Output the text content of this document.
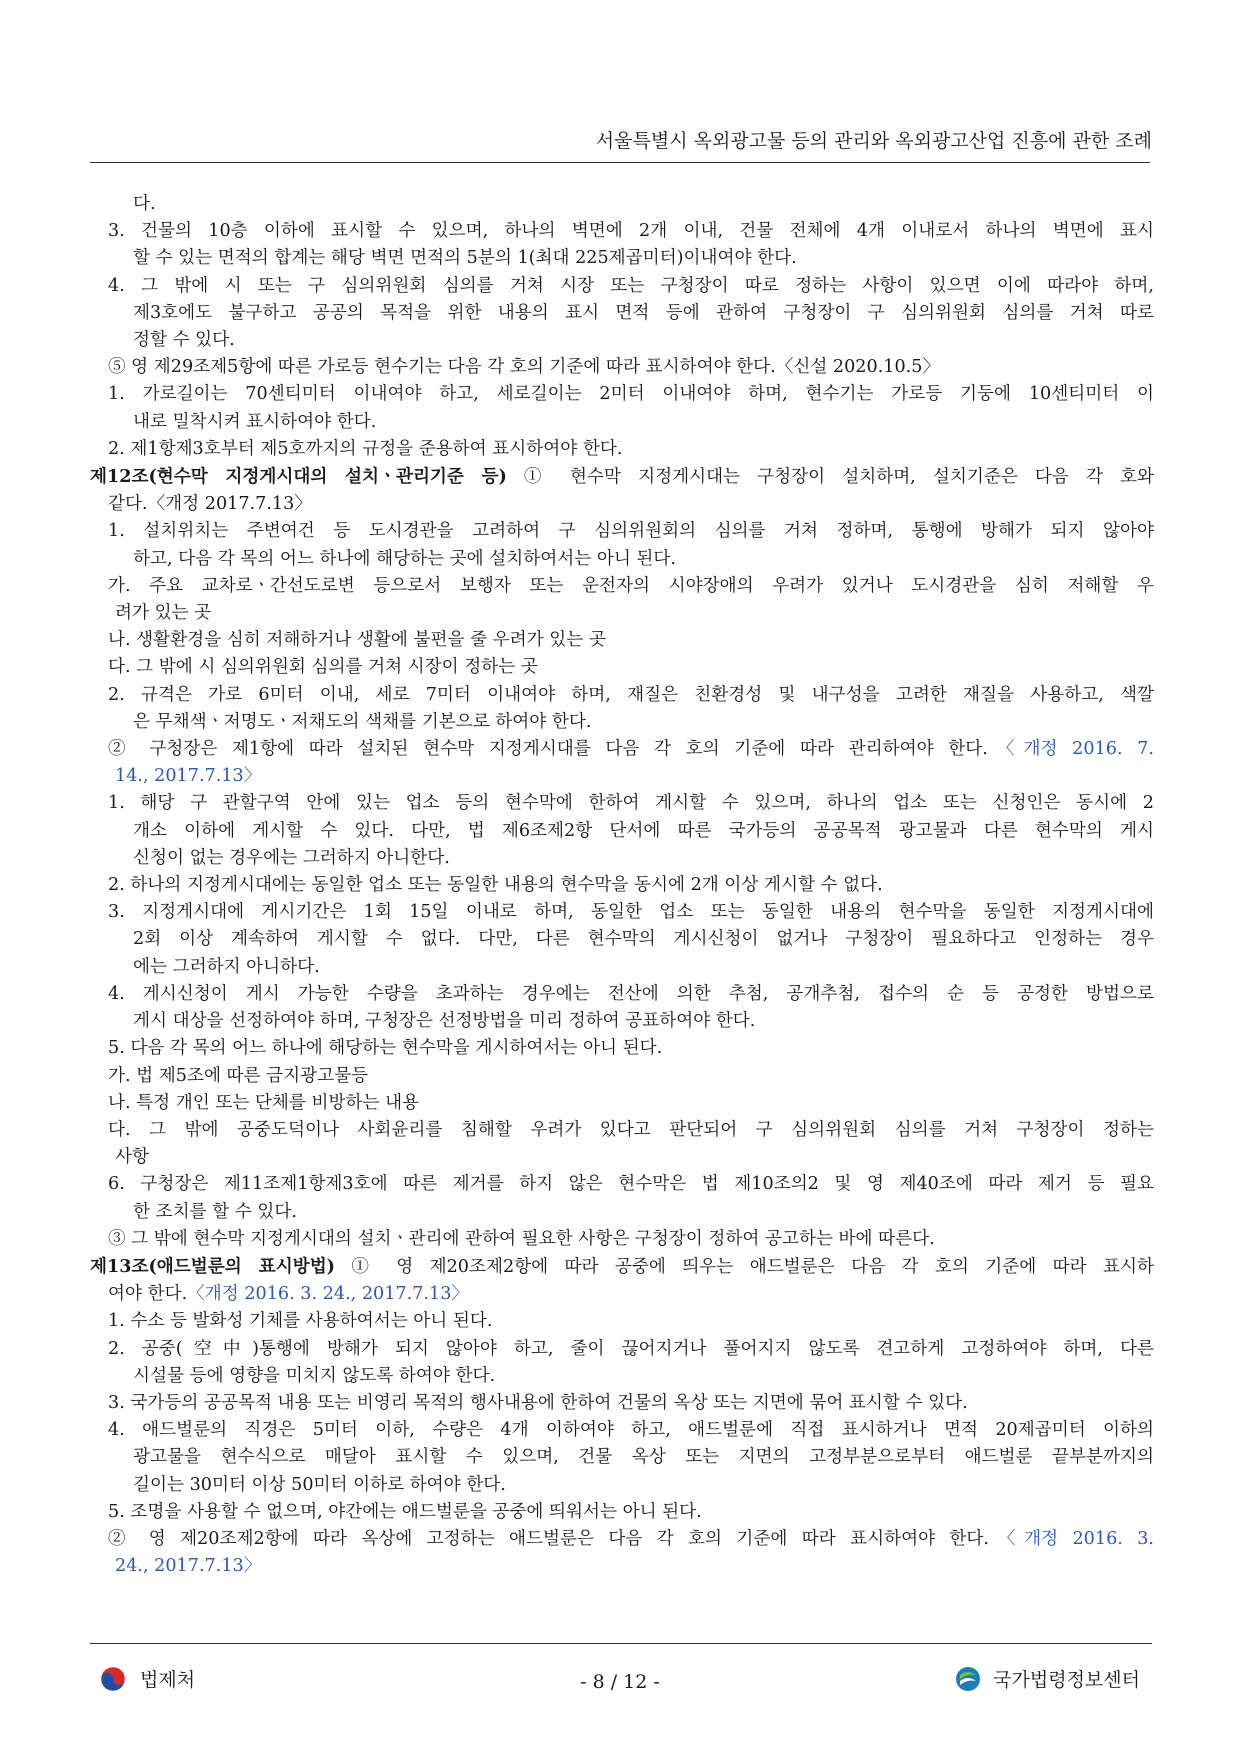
서울특별시 옥외광고물 등의 관리와 옥외광고산업 진흥에 관한 조례
다.
3. 건물의 10층 이하에 표시할 수 있으며, 하나의 벽면에 2개 이내, 건물 전체에 4개 이내로서 하나의 벽면에 표시
할 수 있는 면적의 합계는 해당 벽면 면적의 5분의 1(최대 225제곱미터)이내여야 한다.
4. 그 밖에 시 또는 구 심의위원회 심의를 거쳐 시장 또는 구청장이 따로 정하는 사항이 있으면 이에 따라야 하며,
제3호에도 불구하고 공공의 목적을 위한 내용의 표시 면적 등에 관하여 구청장이 구 심의위원회 심의를 거쳐 따로
정할 수 있다.
⑤ 영 제29조제5항에 따른 가로등 현수기는 다음 각 호의 기준에 따라 표시하여야 한다.〈신설 2020.10.5〉
1. 가로길이는 70센티미터 이내여야 하고, 세로길이는 2미터 이내여야 하며, 현수기는 가로등 기둥에 10센티미터 이
내로 밀착시켜 표시하여야 한다.
2. 제1항제3호부터 제5호까지의 규정을 준용하여 표시하여야 한다.
제12조(현수막 지정게시대의 설치ㆍ관리기준 등) ① 현수막 지정게시대는 구청장이 설치하며, 설치기준은 다음 각 호와
같다.〈개정 2017.7.13〉
1. 설치위치는 주변여건 등 도시경관을 고려하여 구 심의위원회의 심의를 거쳐 정하며, 통행에 방해가 되지 않아야
하고, 다음 각 목의 어느 하나에 해당하는 곳에 설치하여서는 아니 된다.
가. 주요 교차로ㆍ간선도로변 등으로서 보행자 또는 운전자의 시야장애의 우려가 있거나 도시경관을 심히 저해할 우
려가 있는 곳
나. 생활환경을 심히 저해하거나 생활에 불편을 줄 우려가 있는 곳
다. 그 밖에 시 심의위원회 심의를 거쳐 시장이 정하는 곳
2. 규격은 가로 6미터 이내, 세로 7미터 이내여야 하며, 재질은 친환경성 및 내구성을 고려한 재질을 사용하고, 색깔
은 무채색ㆍ저명도ㆍ저채도의 색채를 기본으로 하여야 한다.
② 구청장은 제1항에 따라 설치된 현수막 지정게시대를 다음 각 호의 기준에 따라 관리하여야 한다.〈개정 2016. 7.
14., 2017.7.13〉
1. 해당 구 관할구역 안에 있는 업소 등의 현수막에 한하여 게시할 수 있으며, 하나의 업소 또는 신청인은 동시에 2
개소 이하에 게시할 수 있다. 다만, 법 제6조제2항 단서에 따른 국가등의 공공목적 광고물과 다른 현수막의 게시
신청이 없는 경우에는 그러하지 아니한다.
2. 하나의 지정게시대에는 동일한 업소 또는 동일한 내용의 현수막을 동시에 2개 이상 게시할 수 없다.
3. 지정게시대에 게시기간은 1회 15일 이내로 하며, 동일한 업소 또는 동일한 내용의 현수막을 동일한 지정게시대에
2회 이상 계속하여 게시할 수 없다. 다만, 다른 현수막의 게시신청이 없거나 구청장이 필요하다고 인정하는 경우
에는 그러하지 아니하다.
4. 게시신청이 게시 가능한 수량을 초과하는 경우에는 전산에 의한 추첨, 공개추첨, 접수의 순 등 공정한 방법으로
게시 대상을 선정하여야 하며, 구청장은 선정방법을 미리 정하여 공표하여야 한다.
5. 다음 각 목의 어느 하나에 해당하는 현수막을 게시하여서는 아니 된다.
가. 법 제5조에 따른 금지광고물등
나. 특정 개인 또는 단체를 비방하는 내용
다. 그 밖에 공중도덕이나 사회윤리를 침해할 우려가 있다고 판단되어 구 심의위원회 심의를 거쳐 구청장이 정하는
사항
6. 구청장은 제11조제1항제3호에 따른 제거를 하지 않은 현수막은 법 제10조의2 및 영 제40조에 따라 제거 등 필요
한 조치를 할 수 있다.
③ 그 밖에 현수막 지정게시대의 설치ㆍ관리에 관하여 필요한 사항은 구청장이 정하여 공고하는 바에 따른다.
제13조(애드벌룬의 표시방법) ① 영 제20조제2항에 따라 공중에 띄우는 애드벌룬은 다음 각 호의 기준에 따라 표시하
여야 한다.〈개정 2016. 3. 24., 2017.7.13〉
1. 수소 등 발화성 기체를 사용하여서는 아니 된다.
2. 공중(空中)통행에 방해가 되지 않아야 하고, 줄이 끊어지거나 풀어지지 않도록 견고하게 고정하여야 하며, 다른
시설물 등에 영향을 미치지 않도록 하여야 한다.
3. 국가등의 공공목적 내용 또는 비영리 목적의 행사내용에 한하여 건물의 옥상 또는 지면에 묶어 표시할 수 있다.
4. 애드벌룬의 직경은 5미터 이하, 수량은 4개 이하여야 하고, 애드벌룬에 직접 표시하거나 면적 20제곱미터 이하의
광고물을 현수식으로 매달아 표시할 수 있으며, 건물 옥상 또는 지면의 고정부분으로부터 애드벌룬 끝부분까지의
길이는 30미터 이상 50미터 이하로 하여야 한다.
5. 조명을 사용할 수 없으며, 야간에는 애드벌룬을 공중에 띄워서는 아니 된다.
② 영 제20조제2항에 따라 옥상에 고정하는 애드벌룬은 다음 각 호의 기준에 따라 표시하여야 한다.〈개정 2016. 3.
24., 2017.7.13〉
법제처	- 8 / 12 -	국가법령정보센터
